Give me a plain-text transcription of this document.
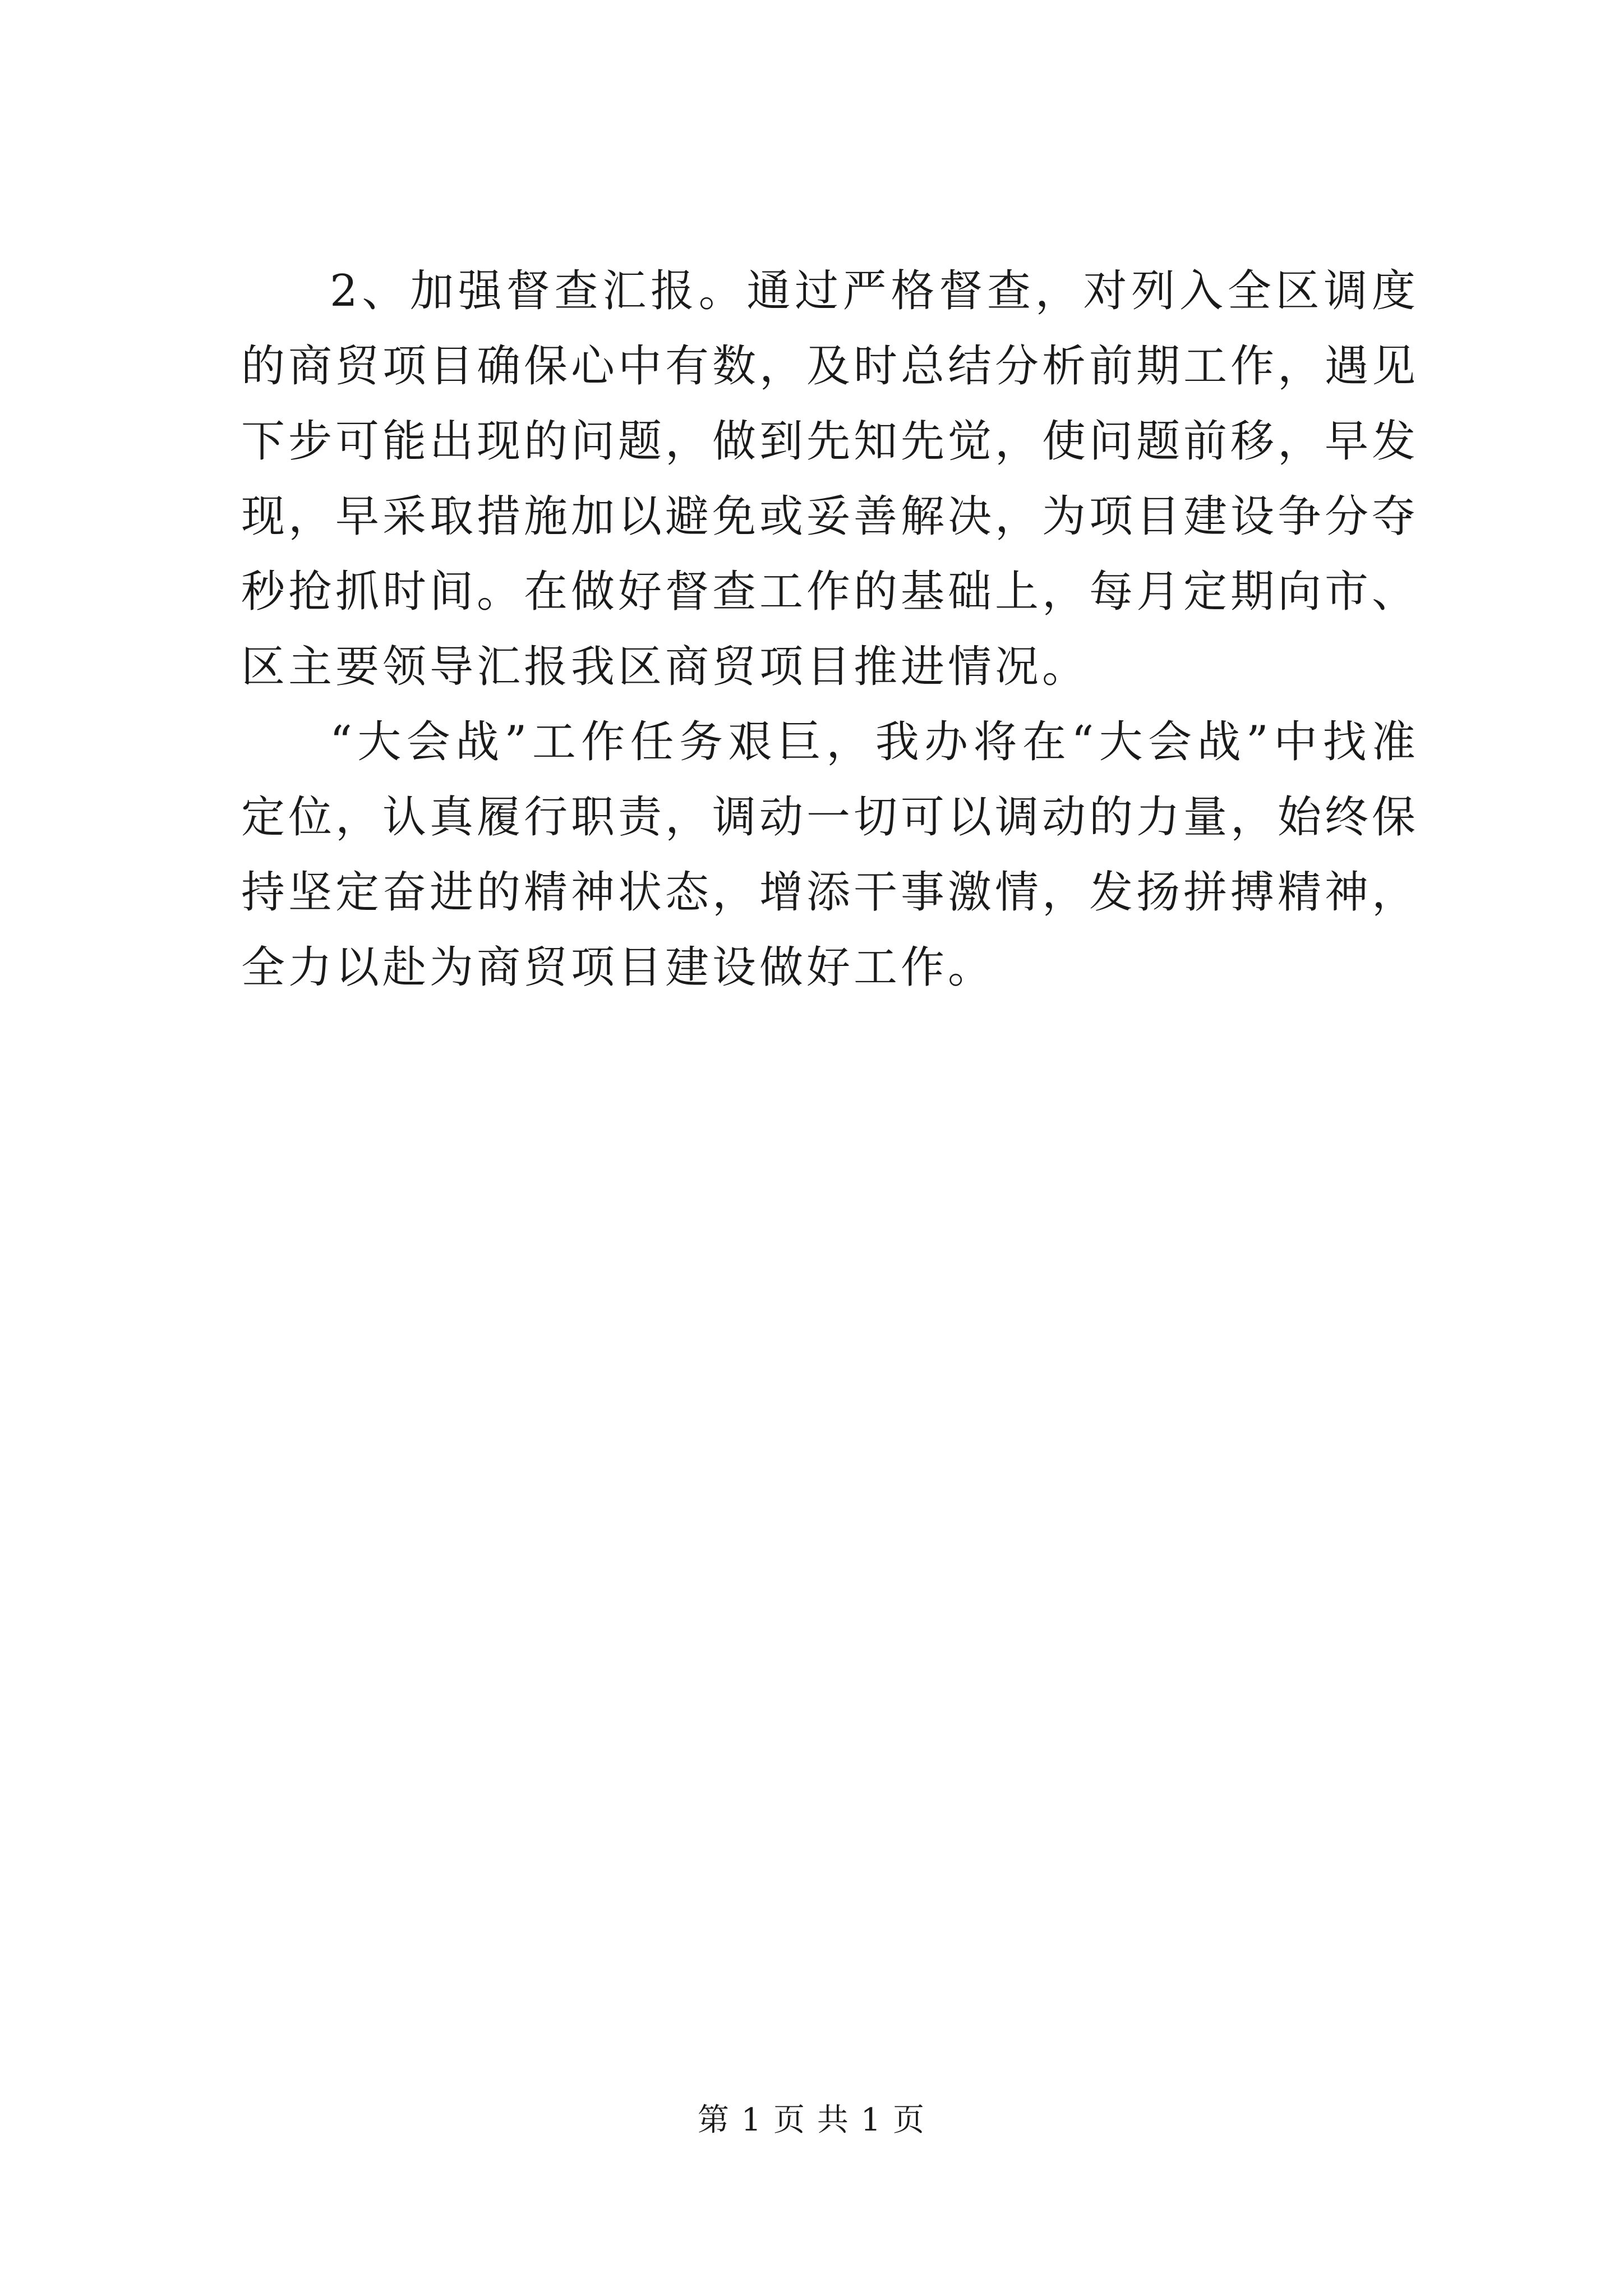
2、加强督查汇报。通过严格督查，对列入全区调度的商贸项目确保心中有数，及时总结分析前期工作，遇见下步可能出现的问题，做到先知先觉，使问题前移，早发现，早采取措施加以避免或妥善解决，为项目建设争分夺秒抢抓时间。在做好督查工作的基础上，每月定期向市、区主要领导汇报我区商贸项目推进情况。

“大会战”工作任务艰巨，我办将在“大会战”中找准定位，认真履行职责，调动一切可以调动的力量，始终保持坚定奋进的精神状态，增添干事激情，发扬拼搏精神，全力以赴为商贸项目建设做好工作。

第 1 页 共 1 页
